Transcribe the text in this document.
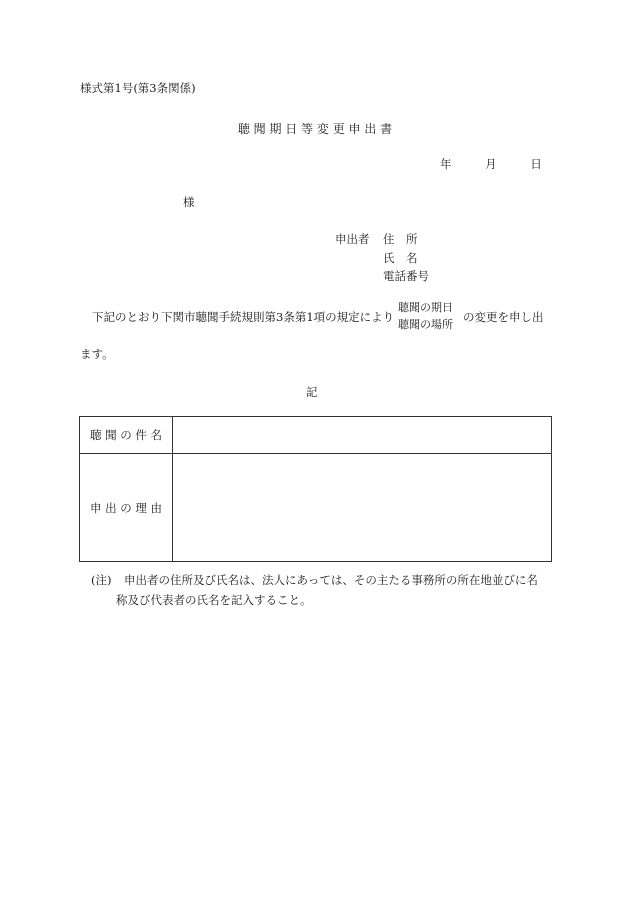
様式第1号(第3条関係)
聴 聞 期 日 等 変 更 申 出 書
年	月	日
様
申出者 住　所
氏　名
電話番号
下記のとおり下関市聴聞手続規則第3条第1項の規定により
聴聞の期日
聴聞の場所
の変更を申し出
ます。
記
聴 聞 の 件 名	
申 出 の 理 由	
(注) 申出者の住所及び氏名は、法人にあっては、その主たる事務所の所在地並びに名
称及び代表者の氏名を記入すること。
